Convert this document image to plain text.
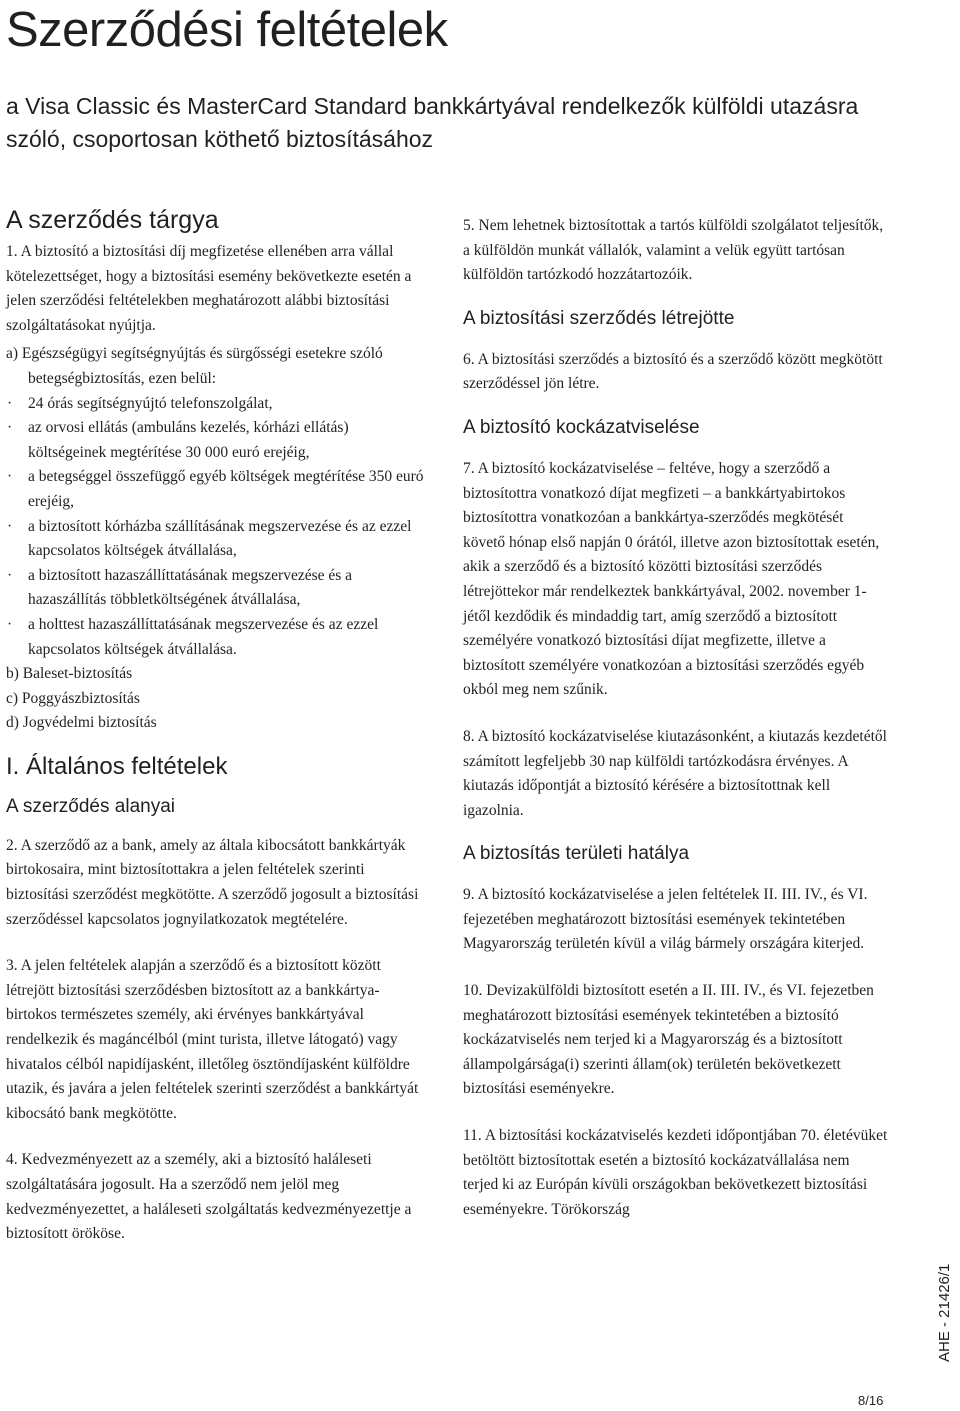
Szerződési feltételek
a Visa Classic és MasterCard Standard bankkártyával rendelkezők külföldi utazásra szóló, csoportosan köthető biztosításához
A szerződés tárgya

1. A biztosító a biztosítási díj megfizetése ellenében arra vállal kötelezettséget, hogy a biztosítási esemény bekövetkezte esetén a jelen szerződési feltételekben meghatározott alábbi biztosítási szolgáltatásokat nyújtja.

a) Egészségügyi segítségnyújtás és sürgősségi esetekre szóló betegségbiztosítás, ezen belül:

· 24 órás segítségnyújtó telefonszolgálat,
· az orvosi ellátás (ambuláns kezelés, kórházi ellátás) költségeinek megtérítése 30 000 euró erejéig,
· a betegséggel összefüggő egyéb költségek megtérítése 350 euró erejéig,
· a biztosított kórházba szállításának megszervezése és az ezzel kapcsolatos költségek átvállalása,
· a biztosított hazaszállíttatásának megszervezése és a hazaszállítás többletköltségének átvállalása,
· a holttest hazaszállíttatásának megszervezése és az ezzel kapcsolatos költségek átvállalása.

b) Baleset-biztosítás

c) Poggyászbiztosítás

d) Jogvédelmi biztosítás

I. Általános feltételek
A szerződés alanyai

2. A szerződő az a bank, amely az általa kibocsátott bankkártyák birtokosaira, mint biztosítottakra a jelen feltételek szerinti biztosítási szerződést megkötötte. A szerződő jogosult a biztosítási szerződéssel kapcsolatos jognyilatkozatok megtételére.

3. A jelen feltételek alapján a szerződő és a biztosított között létrejött biztosítási szerződésben biztosított az a bankkártya-birtokos természetes személy, aki érvényes bankkártyával rendelkezik és magáncélból (mint turista, illetve látogató) vagy hivatalos célból napidíjasként, illetőleg ösztöndíjasként külföldre utazik, és javára a jelen feltételek szerinti szerződést a bankkártyát kibocsátó bank megkötötte.

4. Kedvezményezett az a személy, aki a biztosító haláleseti szolgáltatására jogosult. Ha a szerződő nem jelöl meg kedvezményezettet, a haláleseti szolgáltatás kedvezményezettje a biztosított örököse.

5. Nem lehetnek biztosítottak a tartós külföldi szolgálatot teljesítők, a külföldön munkát vállalók, valamint a velük együtt tartósan külföldön tartózkodó hozzátartozóik.

A biztosítási szerződés létrejötte

6. A biztosítási szerződés a biztosító és a szerződő között megkötött szerződéssel jön létre.

A biztosító kockázatviselése

7. A biztosító kockázatviselése – feltéve, hogy a szerződő a biztosítottra vonatkozó díjat megfizeti – a bankkártyabirtokos biztosítottra vonatkozóan a bankkártya-szerződés megkötését követő hónap első napján 0 órától, illetve azon biztosítottak esetén, akik a szerződő és a biztosító közötti biztosítási szerződés létrejöttekor már rendelkeztek bankkártyával, 2002. november 1-jétől kezdődik és mindaddig tart, amíg szerződő a biztosított személyére vonatkozó biztosítási díjat megfizette, illetve a biztosított személyére vonatkozóan a biztosítási szerződés egyéb okból meg nem szűnik.

8. A biztosító kockázatviselése kiutazásonként, a kiutazás kezdetétől számított legfeljebb 30 nap külföldi tartózkodásra érvényes. A kiutazás időpontját a biztosító kérésére a biztosítottnak kell igazolnia.

A biztosítás területi hatálya

9. A biztosító kockázatviselése a jelen feltételek II. III. IV., és VI. fejezetében meghatározott biztosítási események tekintetében Magyarország területén kívül a világ bármely országára kiterjed.

10. Devizakülföldi biztosított esetén a II. III. IV., és VI. fejezetben meghatározott biztosítási események tekintetében a biztosító kockázatviselés nem terjed ki a Magyarország és a biztosított állampolgársága(i) szerinti állam(ok) területén bekövetkezett biztosítási eseményekre.

11. A biztosítási kockázatviselés kezdeti időpontjában 70. életévüket betöltött biztosítottak esetén a biztosító kockázatvállalása nem terjed ki az Európán kívüli országokban bekövetkezett biztosítási eseményekre. Törökország

AHE - 21426/1
8/16
